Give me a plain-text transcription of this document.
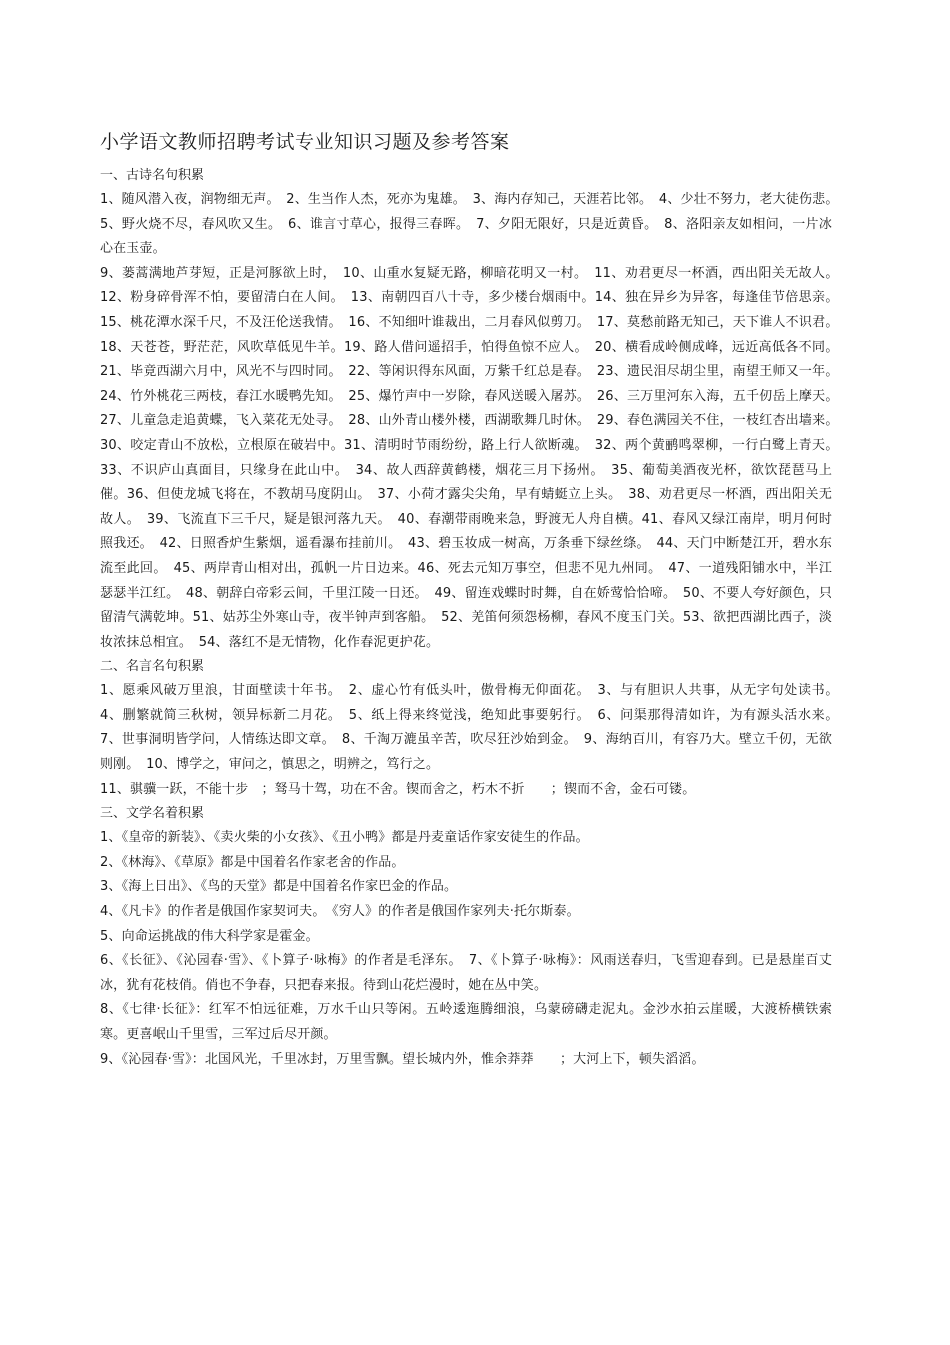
小学语文教师招聘考试专业知识习题及参考答案

一、古诗名句积累

1、随风潜入夜，润物细无声。　2、生当作人杰，死亦为鬼雄。　3、海内存知己，天涯若比邻。　4、少壮不努力，老大徒伤悲。　5、野火烧不尽，春风吹又生。　6、谁言寸草心，报得三春晖。　7、夕阳无限好，只是近黄昏。　8、洛阳亲友如相问，一片冰心在玉壶。

9、蒌蒿满地芦芽短，正是河豚欲上时，　10、山重水复疑无路，柳暗花明又一村。　11、劝君更尽一杯酒，西出阳关无故人。　12、粉身碎骨浑不怕，要留清白在人间。　13、南朝四百八十寺，多少楼台烟雨中。14、独在异乡为异客，每逢佳节倍思亲。　15、桃花潭水深千尺，不及汪伦送我情。　16、不知细叶谁裁出，二月春风似剪刀。　17、莫愁前路无知己，天下谁人不识君。　18、天苍苍，野茫茫，风吹草低见牛羊。19、路人借问遥招手，怕得鱼惊不应人。　20、横看成岭侧成峰，远近高低各不同。　21、毕竟西湖六月中，风光不与四时同。　22、等闲识得东风面，万紫千红总是春。　23、遗民泪尽胡尘里，南望王师又一年。　24、竹外桃花三两枝，春江水暖鸭先知。　25、爆竹声中一岁除，春风送暖入屠苏。　26、三万里河东入海，五千仞岳上摩天。　27、儿童急走追黄蝶，飞入菜花无处寻。　28、山外青山楼外楼，西湖歌舞几时休。　29、春色满园关不住，一枝红杏出墙来。　30、咬定青山不放松，立根原在破岩中。31、清明时节雨纷纷，路上行人欲断魂。　32、两个黄鹂鸣翠柳，一行白鹭上青天。　33、不识庐山真面目，只缘身在此山中。　34、故人西辞黄鹤楼，烟花三月下扬州。　35、葡萄美酒夜光杯，欲饮琵琶马上催。36、但使龙城飞将在，不教胡马度阴山。　37、小荷才露尖尖角，早有蜻蜓立上头。　38、劝君更尽一杯酒，西出阳关无故人。　39、飞流直下三千尺，疑是银河落九天。　40、春潮带雨晚来急，野渡无人舟自横。41、春风又绿江南岸，明月何时照我还。　42、日照香炉生紫烟，遥看瀑布挂前川。　43、碧玉妆成一树高，万条垂下绿丝绦。　44、天门中断楚江开，碧水东流至此回。　45、两岸青山相对出，孤帆一片日边来。46、死去元知万事空，但悲不见九州同。　47、一道残阳铺水中，半江瑟瑟半江红。　48、朝辞白帝彩云间，千里江陵一日还。　49、留连戏蝶时时舞，自在娇莺恰恰啼。　50、不要人夸好颜色，只留清气满乾坤。51、姑苏尘外寒山寺，夜半钟声到客船。　52、羌笛何须怨杨柳，春风不度玉门关。53、欲把西湖比西子，淡妆浓抹总相宜。　54、落红不是无情物，化作春泥更护花。

二、名言名句积累

1、愿乘风破万里浪，甘面壁读十年书。　2、虚心竹有低头叶，傲骨梅无仰面花。　3、与有胆识人共事，从无字句处读书。　4、删繁就简三秋树，领异标新二月花。　5、纸上得来终觉浅，绝知此事要躬行。　6、问渠那得清如许，为有源头活水来。　7、世事洞明皆学问，人情练达即文章。　8、千淘万漉虽辛苦，吹尽狂沙始到金。　9、海纳百川，有容乃大。壁立千仞，无欲则刚。　10、博学之，审问之，慎思之，明辨之，笃行之。

11、骐骥一跃，不能十步　；驽马十驾，功在不舍。锲而舍之，朽木不折　　；锲而不舍，金石可镂。

三、文学名着积累

1、《皇帝的新装》、《卖火柴的小女孩》、《丑小鸭》都是丹麦童话作家安徒生的作品。

2、《林海》、《草原》都是中国着名作家老舍的作品。

3、《海上日出》、《鸟的天堂》都是中国着名作家巴金的作品。

4、《凡卡》的作者是俄国作家契诃夫。　《穷人》的作者是俄国作家列夫·托尔斯泰。

5、向命运挑战的伟大科学家是霍金。

6、《长征》、《沁园春·雪》、《卜算子·咏梅》的作者是毛泽东。　7、《卜算子·咏梅》：风雨送春归，飞雪迎春到。已是悬崖百丈冰，犹有花枝俏。俏也不争春，只把春来报。待到山花烂漫时，她在丛中笑。

8、《七律·长征》：红军不怕远征难，万水千山只等闲。五岭逶迤腾细浪，乌蒙磅礴走泥丸。金沙水拍云崖暖，大渡桥横铁索寒。更喜岷山千里雪，三军过后尽开颜。

9、《沁园春·雪》：北国风光，千里冰封，万里雪飘。望长城内外，惟余莽莽　　；大河上下，顿失滔滔。
